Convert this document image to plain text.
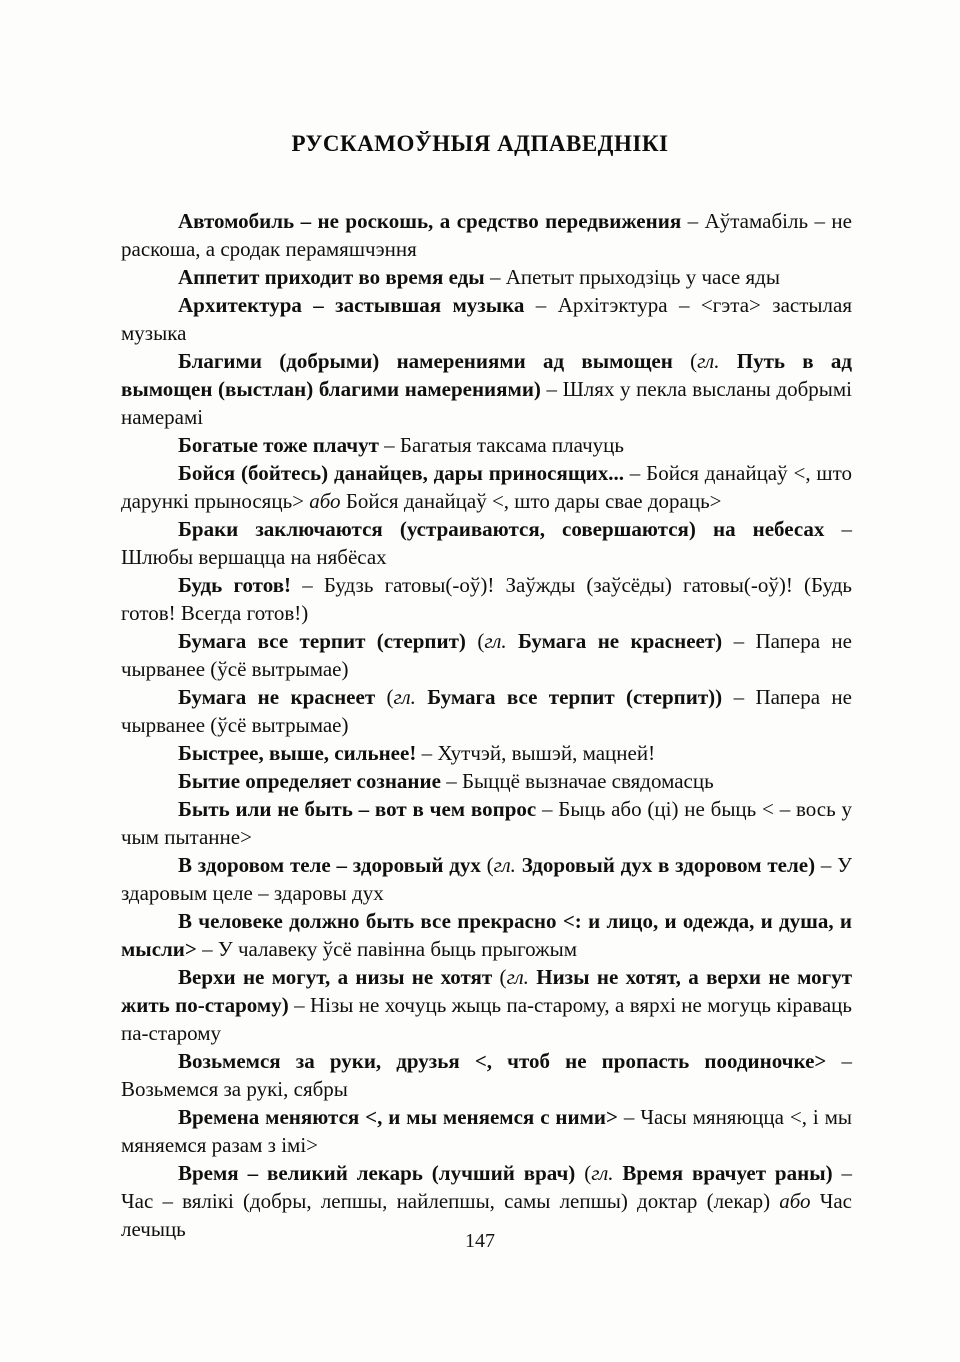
РУСКАМОЎНЫЯ АДПАВЕДНІКІ

Автомобиль – не роскошь, а средство передвижения – Аўтамабіль – не раскоша, а сродак перамяшчэння

Аппетит приходит во время еды – Апетыт прыходзіць у часе яды

Архитектура – застывшая музыка – Архітэктура – <гэта> застылая музыка

Благими (добрыми) намерениями ад вымощен (гл. Путь в ад вымощен (выстлан) благими намерениями) – Шлях у пекла высланы добрымі намерамі

Богатые тоже плачут – Багатыя таксама плачуць

Бойся (бойтесь) данайцев, дары приносящих... – Бойся данайцаў <, што дарункі прыносяць> або Бойся данайцаў <, што дары свае дораць>

Браки заключаются (устраиваются, совершаются) на небесах – Шлюбы вершацца на нябёсах

Будь готов! – Будзь гатовы(-оў)! Заўжды (заўсёды) гатовы(-оў)! (Будь готов! Всегда готов!)

Бумага все терпит (стерпит) (гл. Бумага не краснеет) – Папера не чырванее (ўсё вытрымае)

Бумага не краснеет (гл. Бумага все терпит (стерпит)) – Папера не чырванее (ўсё вытрымае)

Быстрее, выше, сильнее! – Хутчэй, вышэй, мацней!

Бытие определяет сознание – Быццё вызначае свядомасць

Быть или не быть – вот в чем вопрос – Быць або (ці) не быць < – вось у чым пытанне>

В здоровом теле – здоровый дух (гл. Здоровый дух в здоровом теле) – У здаровым целе – здаровы дух

В человеке должно быть все прекрасно <: и лицо, и одежда, и душа, и мысли> – У чалавеку ўсё павінна быць прыгожым

Верхи не могут, а низы не хотят (гл. Низы не хотят, а верхи не могут жить по-старому) – Нізы не хочуць жыць па-старому, а вярхі не могуць кіраваць па-старому

Возьмемся за руки, друзья <, чтоб не пропасть поодиночке> – Возьмемся за рукі, сябры

Времена меняются <, и мы меняемся с ними> – Часы мяняюцца <, і мы мяняемся разам з імі>

Время – великий лекарь (лучший врач) (гл. Время врачует раны) – Час – вялікі (добры, лепшы, найлепшы, самы лепшы) доктар (лекар) або Час лечыць	147
